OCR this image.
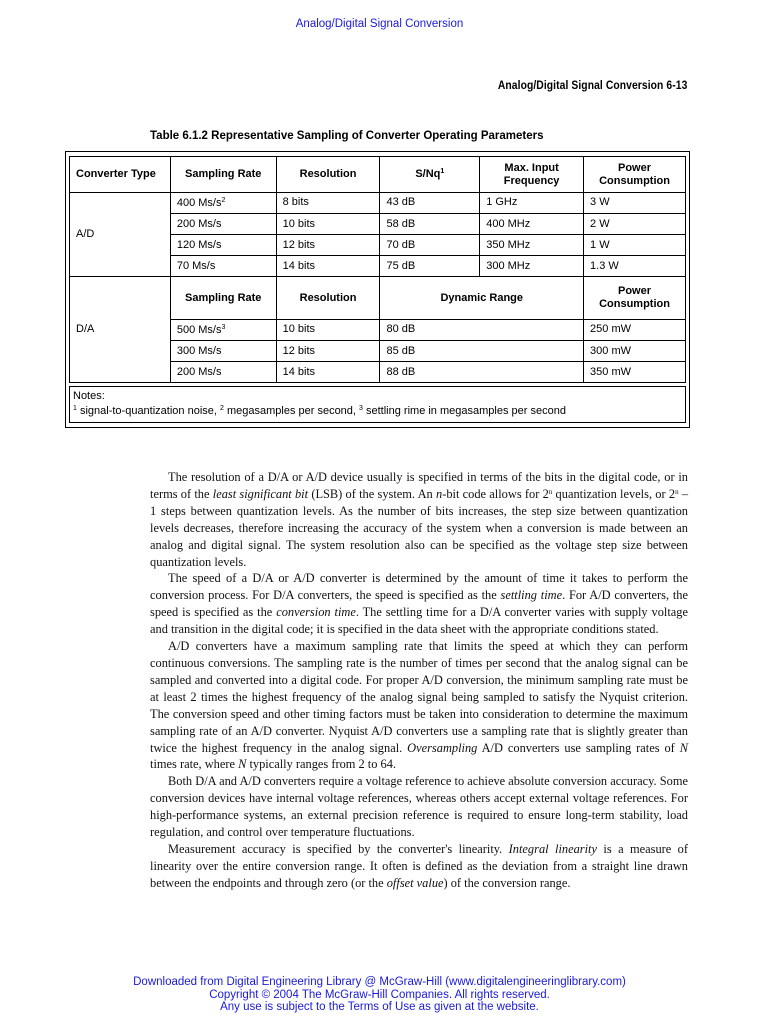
Analog/Digital Signal Conversion
Analog/Digital Signal Conversion 6-13
Table 6.1.2 Representative Sampling of Converter Operating Parameters
Converter Type	Sampling Rate	Resolution	S/Nq$^1$	Max. Input Frequency	Power Consumption
A/D	400 $Ms/s^2$	8 bits	43 dB	1 GHz	3 W
	200 Ms/s	10 bits	58 dB	400 MHz	2 W
	120 Ms/s	12 bits	70 dB	350 MHz	1 W
	70 Ms/s	14 bits	75 dB	300 MHz	1.3 W
D/A	Sampling Rate	Resolution	Dynamic Range		Power Consumption
	500 $Ms/s^3$	10 bits	80 dB		250 mW
	300 Ms/s	12 bits	85 dB		300 mW
	200 Ms/s	14 bits	88 dB		350 mW
Notes:
$^1$ signal-to-quantization noise, $^2$ megasamples per second, $^3$ settling rime in megasamples per second

The resolution of a D/A or A/D device usually is specified in terms of the bits in the digital code, or in terms of the least significant bit (LSB) of the system. An n-bit code allows for 2$^n$ quantization levels, or 2$^n$ – 1 steps between quantization levels. As the number of bits increases, the step size between quantization levels decreases, therefore increasing the accuracy of the system when a conversion is made between an analog and digital signal. The system resolution also can be specified as the voltage step size between quantization levels.

The speed of a D/A or A/D converter is determined by the amount of time it takes to perform the conversion process. For D/A converters, the speed is specified as the settling time. For A/D converters, the speed is specified as the conversion time. The settling time for a D/A converter varies with supply voltage and transition in the digital code; it is specified in the data sheet with the appropriate conditions stated.

A/D converters have a maximum sampling rate that limits the speed at which they can perform continuous conversions. The sampling rate is the number of times per second that the analog signal can be sampled and converted into a digital code. For proper A/D conversion, the minimum sampling rate must be at least 2 times the highest frequency of the analog signal being sampled to satisfy the Nyquist criterion. The conversion speed and other timing factors must be taken into consideration to determine the maximum sampling rate of an A/D converter. Nyquist A/D converters use a sampling rate that is slightly greater than twice the highest frequency in the analog signal. Oversampling A/D converters use sampling rates of N times rate, where N typically ranges from 2 to 64.

Both D/A and A/D converters require a voltage reference to achieve absolute conversion accuracy. Some conversion devices have internal voltage references, whereas others accept external voltage references. For high-performance systems, an external precision reference is required to ensure long-term stability, load regulation, and control over temperature fluctuations.

Measurement accuracy is specified by the converter's linearity. Integral linearity is a measure of linearity over the entire conversion range. It often is defined as the deviation from a straight line drawn between the endpoints and through zero (or the offset value) of the conversion range.

Downloaded from Digital Engineering Library @ McGraw-Hill (www.digitalengineeringlibrary.com)
Copyright © 2004 The McGraw-Hill Companies. All rights reserved.
Any use is subject to the Terms of Use as given at the website.
